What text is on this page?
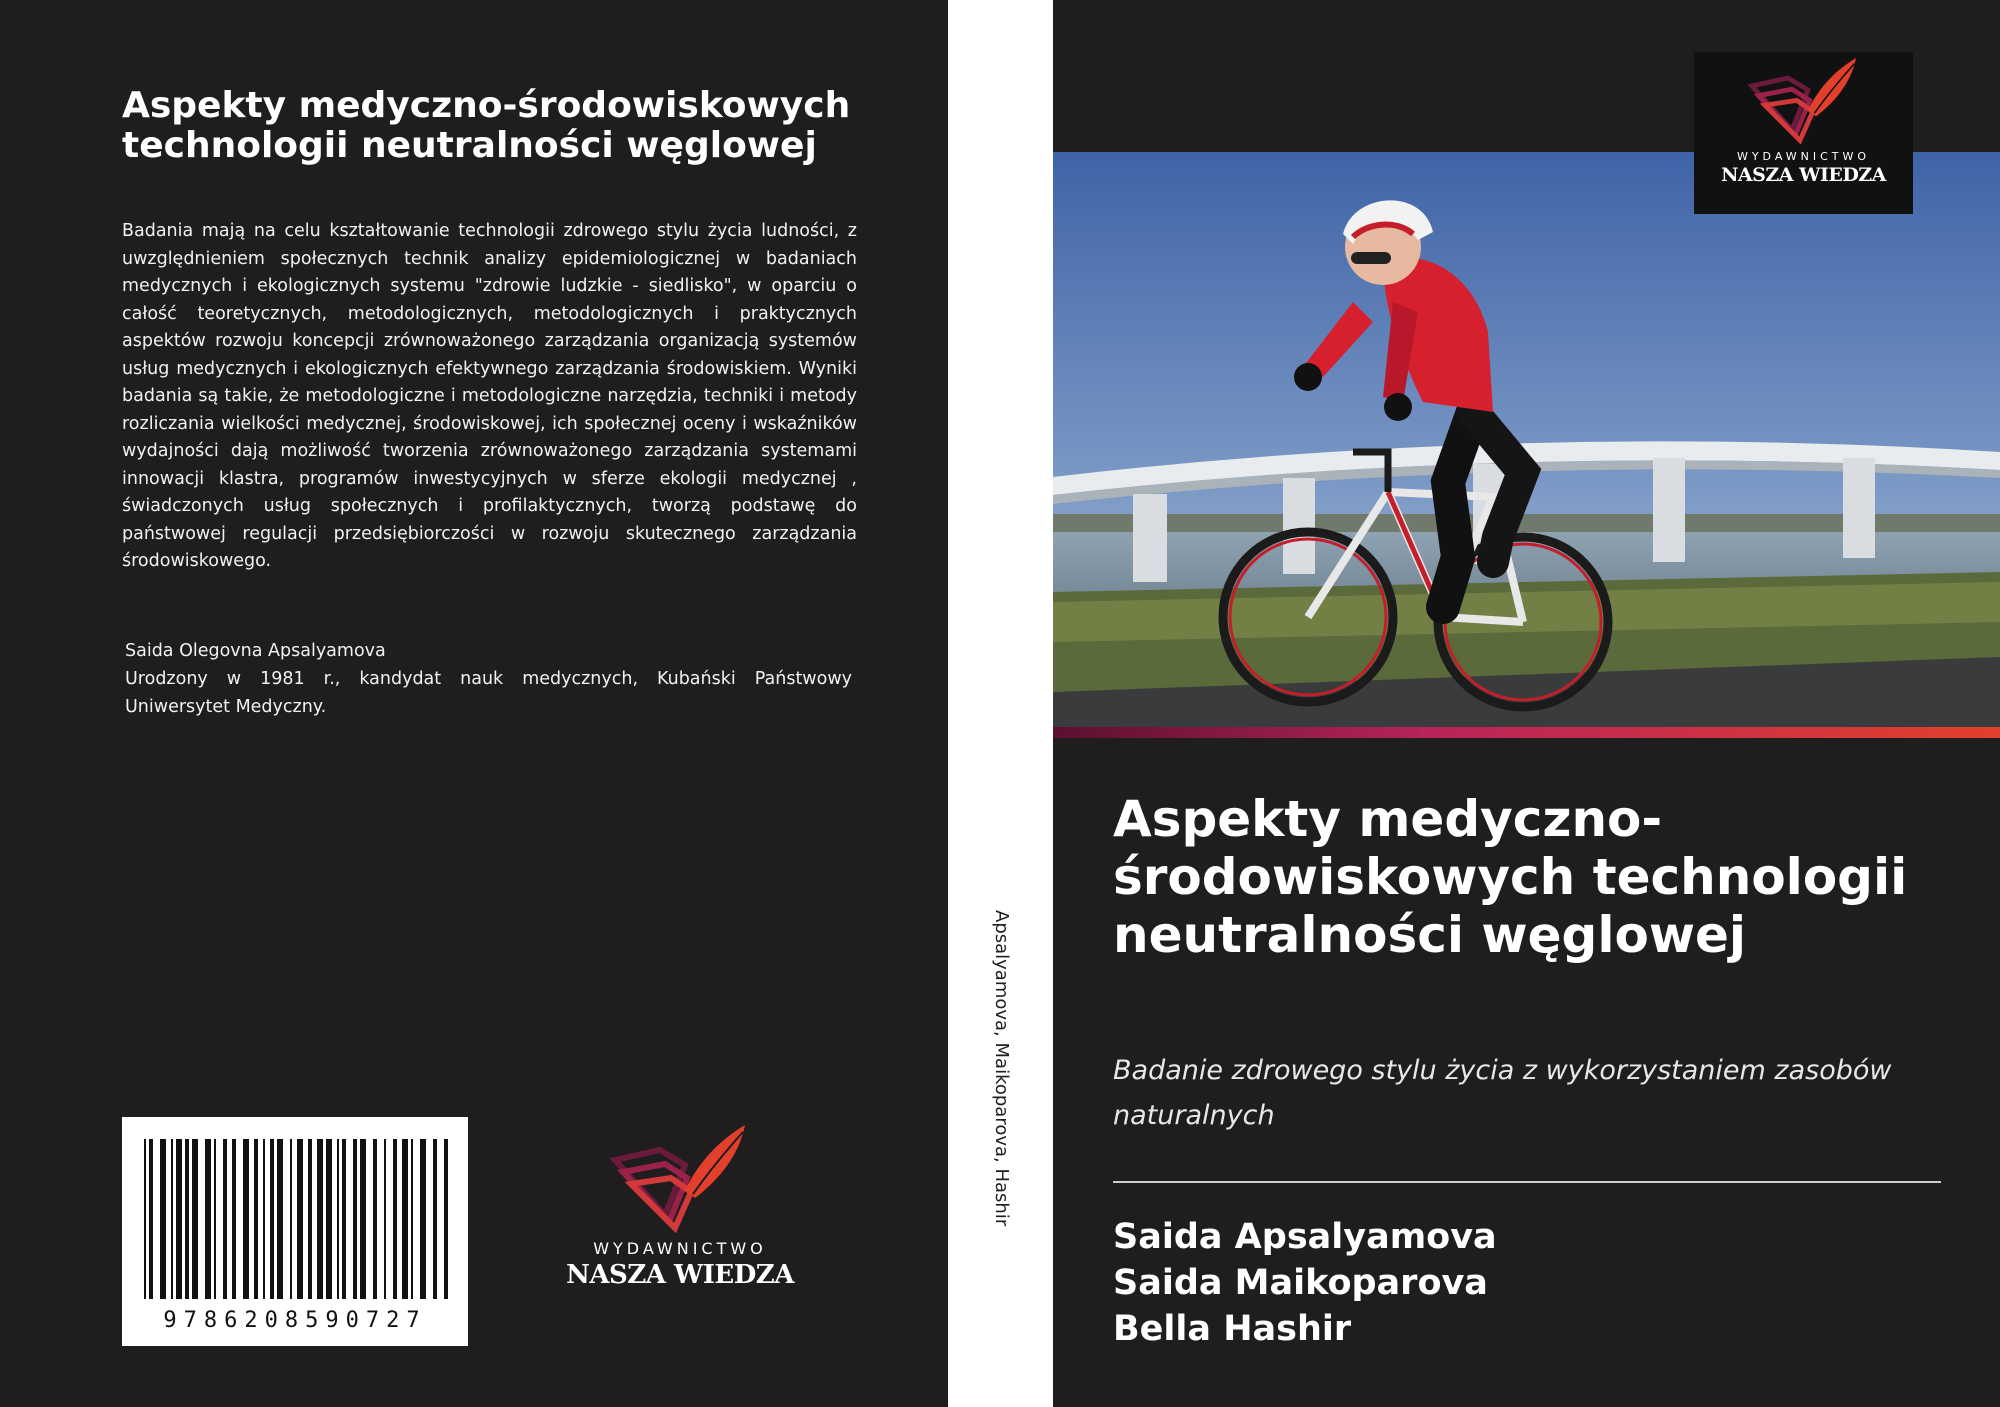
Aspekty medyczno-środowiskowych technologii neutralności węglowej

Badania mają na celu kształtowanie technologii zdrowego stylu życia ludności, z uwzględnieniem społecznych technik analizy epidemiologicznej w badaniach medycznych i ekologicznych systemu "zdrowie ludzkie - siedlisko", w oparciu o całość teoretycznych, metodologicznych, metodologicznych i praktycznych aspektów rozwoju koncepcji zrównoważonego zarządzania organizacją systemów usług medycznych i ekologicznych efektywnego zarządzania środowiskiem. Wyniki badania są takie, że metodologiczne i metodologiczne narzędzia, techniki i metody rozliczania wielkości medycznej, środowiskowej, ich społecznej oceny i wskaźników wydajności dają możliwość tworzenia zrównoważonego zarządzania systemami innowacji klastra, programów inwestycyjnych w sferze ekologii medycznej , świadczonych usług społecznych i profilaktycznych, tworzą podstawę do państwowej regulacji przedsiębiorczości w rozwoju skutecznego zarządzania środowiskowego.

Saida Olegovna Apsalyamova
Urodzony w 1981 r., kandydat nauk medycznych, Kubański Państwowy Uniwersytet Medyczny.
9786208590727
WYDAWNICTWO
NASZA WIEDZA
Apsalyamova, Maikoparova, Hashir
WYDAWNICTWO
NASZA WIEDZA
Aspekty medyczno-środowiskowych technologii neutralności węglowej
Badanie zdrowego stylu życia z wykorzystaniem zasobów naturalnych
Saida Apsalyamova
Saida Maikoparova
Bella Hashir
